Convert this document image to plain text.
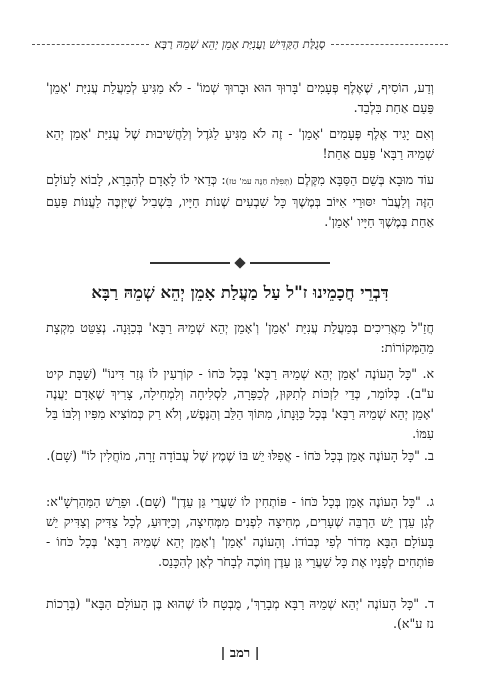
סְגֻלַּת הַקַּדִּישׁ וַעֲנִיַּת אָמֵן יְהֵא שְׁמֵהּ רַבָּא

וְדַע, הוֹסִיף, שֶׁאֶלֶף פְּעָמִים 'בָּרוּךְ הוּא וּבָרוּךְ שְׁמוֹ' - לֹא מַגִּיעַ לְמַעֲלַת עֲנִיַּת 'אָמֵן' פַּעַם אַחַת בִּלְבַד.

וְאִם יָגִיד אֶלֶף פְּעָמִים 'אָמֵן' - זֶה לֹא מַגִּיעַ לַגֹּדֶל וְלַחֲשִׁיבוּת שֶׁל עֲנִיַּת 'אָמֵן יְהֵא שְׁמֵיהּ רַבָּא' פַּעַם אַחַת!

עוֹד מוּבָא בְּשֵׁם הַסַּבָּא מִקֶּלֶם (תְּפִלַּת חַנָּה עמ' טז): כְּדַאי לוֹ לָאָדָם לְהִבָּרֵא, לָבוֹא לָעוֹלָם הַזֶּה וְלַעֲבֹר יִסּוּרֵי אִיּוֹב בְּמֶשֶׁךְ כָּל שִׁבְעִים שְׁנוֹת חַיָּיו, בִּשְׁבִיל שֶׁיִּזְכֶּה לַעֲנוֹת פַּעַם אַחַת בְּמֶשֶׁךְ חַיָּיו 'אָמֵן'.

דִּבְרֵי חֲכָמֵינוּ ז"ל עַל מַעֲלַת אָמֵן יְהֵא שְׁמֵהּ רַבָּא

חֲזַ"ל מַאֲרִיכִים בְּמַעֲלַת עֲנִיַּת 'אָמֵן' וְ'אָמֵן יְהֵא שְׁמֵיהּ רַבָּא' בְּכַוָּנָה. נְצַטֵּט מִקְצָת מֵהַמְּקוֹרוֹת:

א. "כָּל הָעוֹנֶה 'אָמֵן יְהֵא שְׁמֵיהּ רַבָּא' בְּכָל כֹּחוֹ - קוֹרְעִין לוֹ גְּזַר דִּינוֹ" (שַׁבָּת קיט ע"ב). כְּלוֹמַר, כְּדֵי לִזְכּוֹת לְתִקּוּן, לְכַפָּרָה, לִסְלִיחָה וְלִמְחִילָה, צָרִיךְ שֶׁאָדָם יַעֲנֶה 'אָמֵן יְהֵא שְׁמֵיהּ רַבָּא' בְּכָל כַּוָּנָתוֹ, מִתּוֹךְ הַלֵּב וְהַנֶּפֶשׁ, וְלֹא רַק כְּמוֹצִיא מִפִּיו וְלִבּוֹ בַּל עִמּוֹ.

ב. "כָּל הָעוֹנֶה אָמֵן בְּכָל כֹּחוֹ - אֲפִלּוּ יֵשׁ בּוֹ שֶׁמֶץ שֶׁל עֲבוֹדָה זָרָה, מוֹחֲלִין לוֹ" (שָׁם).

ג. "כָּל הָעוֹנֶה אָמֵן בְּכָל כֹּחוֹ - פּוֹתְחִין לוֹ שַׁעֲרֵי גַּן עֵדֶן" (שָׁם). וּפֵרֵשׁ הַמַּהַרְשָׁ"א: לְגַן עֵדֶן יֵשׁ הַרְבֵּה שְׁעָרִים, מְחִיצָה לִפְנִים מִמְּחִיצָה, וְכַיָּדוּעַ, לְכָל צַדִּיק וְצַדִּיק יֵשׁ בָּעוֹלָם הַבָּא מָדוֹר לְפִי כְּבוֹדוֹ. וְהָעוֹנֶה 'אָמֵן' וְ'אָמֵן יְהֵא שְׁמֵיהּ רַבָּא' בְּכָל כֹּחוֹ - פּוֹתְחִים לְפָנָיו אֶת כָּל שַׁעֲרֵי גַּן עֵדֶן וְזוֹכֶה לְבָחֹר לְאָן לְהִכָּנֵס.

ד. "כָּל הָעוֹנֶה 'יְהֵא שְׁמֵיהּ רַבָּא מְבָרַךְ', מֻבְטָח לוֹ שֶׁהוּא בֶּן הָעוֹלָם הַבָּא" (בְּרָכוֹת נז ע"א).

| רמב |
